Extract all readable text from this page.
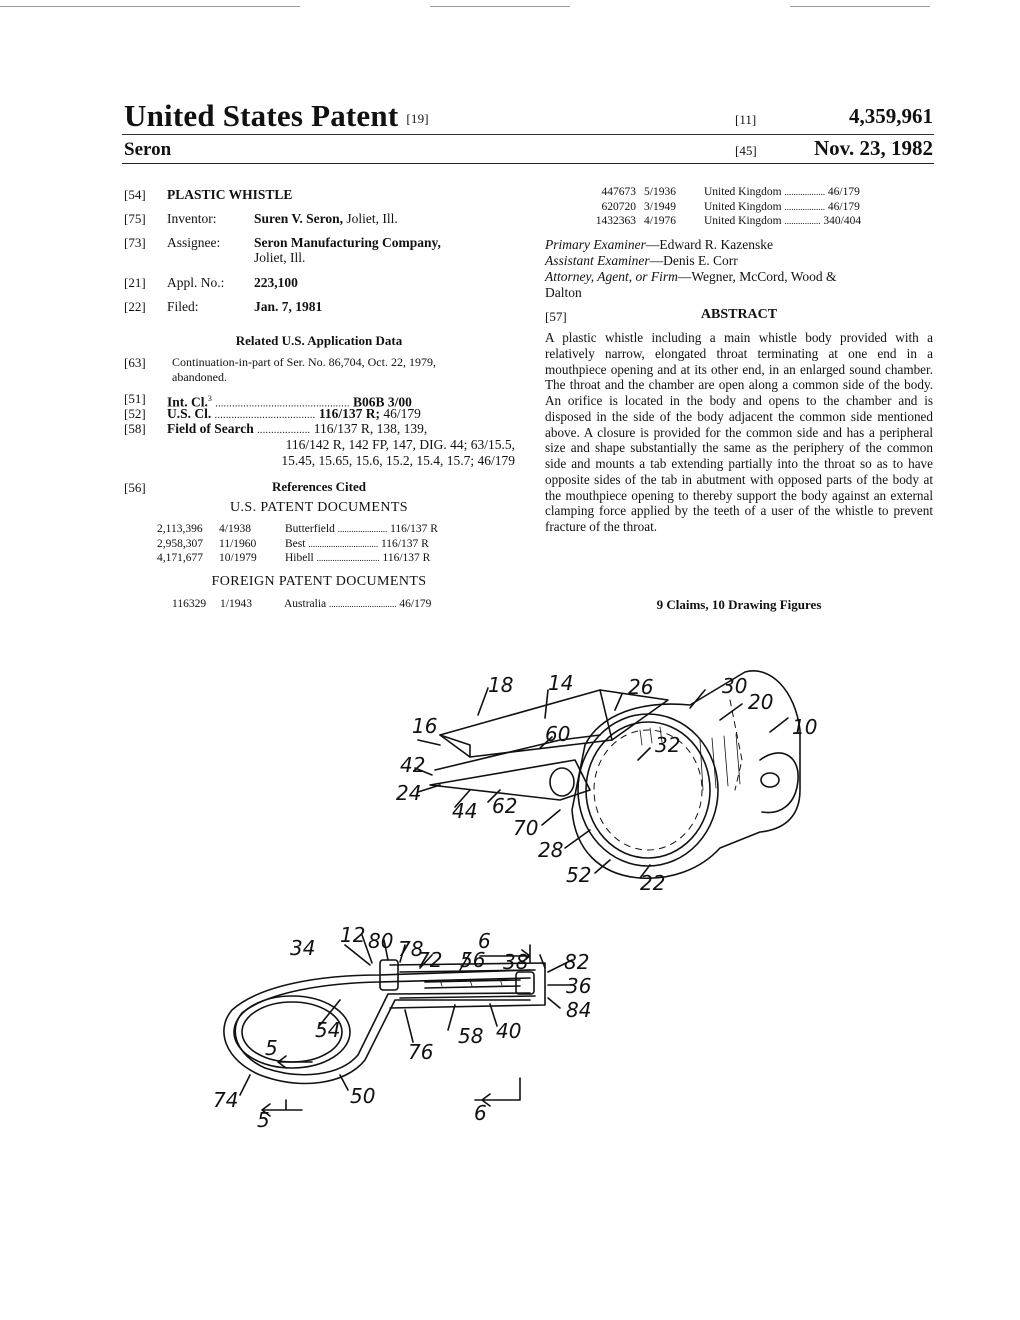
United States Patent [19]
Seron
[11]	4,359,961
[45]	Nov. 23, 1982
[54]	PLASTIC WHISTLE
[75]	Inventor:	Suren V. Seron, Joliet, Ill.
[73]	Assignee:	Seron Manufacturing Company,
Joliet, Ill.
[21]	Appl. No.: 223,100
[22]	Filed:	Jan. 7, 1981
Related U.S. Application Data
[63]	Continuation-in-part of Ser. No. 86,704, Oct. 22, 1979,
abandoned.
[51]	Int. Cl.$^3$ ................................................ B06B 3/00
[52]	U.S. Cl. .................................... 116/137 R; 46/179
[58]	Field of Search ................... 116/137 R, 138, 139,
116/142 R, 142 FP, 147, DIG. 44; 63/15.5,
15.45, 15.65, 15.6, 15.2, 15.4, 15.7; 46/179
[56]	References Cited
U.S. PATENT DOCUMENTS
2,113,396 4/1938	Butterfield ...................... 116/137 R
2,958,307 11/1960 Best ............................... 116/137 R
4,171,677 10/1979 Hibell ............................ 116/137 R
FOREIGN PATENT DOCUMENTS
116329 1/1943	Australia .............................. 46/179
447673 5/1936 United Kingdom .................. 46/179
620720 3/1949 United Kingdom .................. 46/179
1432363 4/1976 United Kingdom ................ 340/404
Primary Examiner—Edward R. Kazenske
Assistant Examiner—Denis E. Corr
Attorney, Agent, or Firm—Wegner, McCord, Wood &
Dalton
[57]	ABSTRACT
A plastic whistle including a main whistle body provided with a relatively narrow, elongated throat terminating at one end in a mouthpiece opening and at its other end, in an enlarged sound chamber. The throat and the chamber are open along a common side of the body. An orifice is located in the body and opens to the chamber and is disposed in the side of the body adjacent the common side mentioned above. A closure is provided for the common side and has a peripheral size and shape substantially the same as the periphery of the common side and mounts a tab extending partially into the throat so as to have opposite sides of the tab in abutment with opposed parts of the body at the mouthpiece opening to thereby support the body against an external clamping force applied by the teeth of a user of the whistle to prevent fracture of the throat.
9 Claims, 10 Drawing Figures
18 14	26	30
20
10
16	60	32
42
24
44 62
70
28
52 22
12 80
34	78	6
72 56 38 82
36
84
54
5	76
58 40
74	50
5	6
